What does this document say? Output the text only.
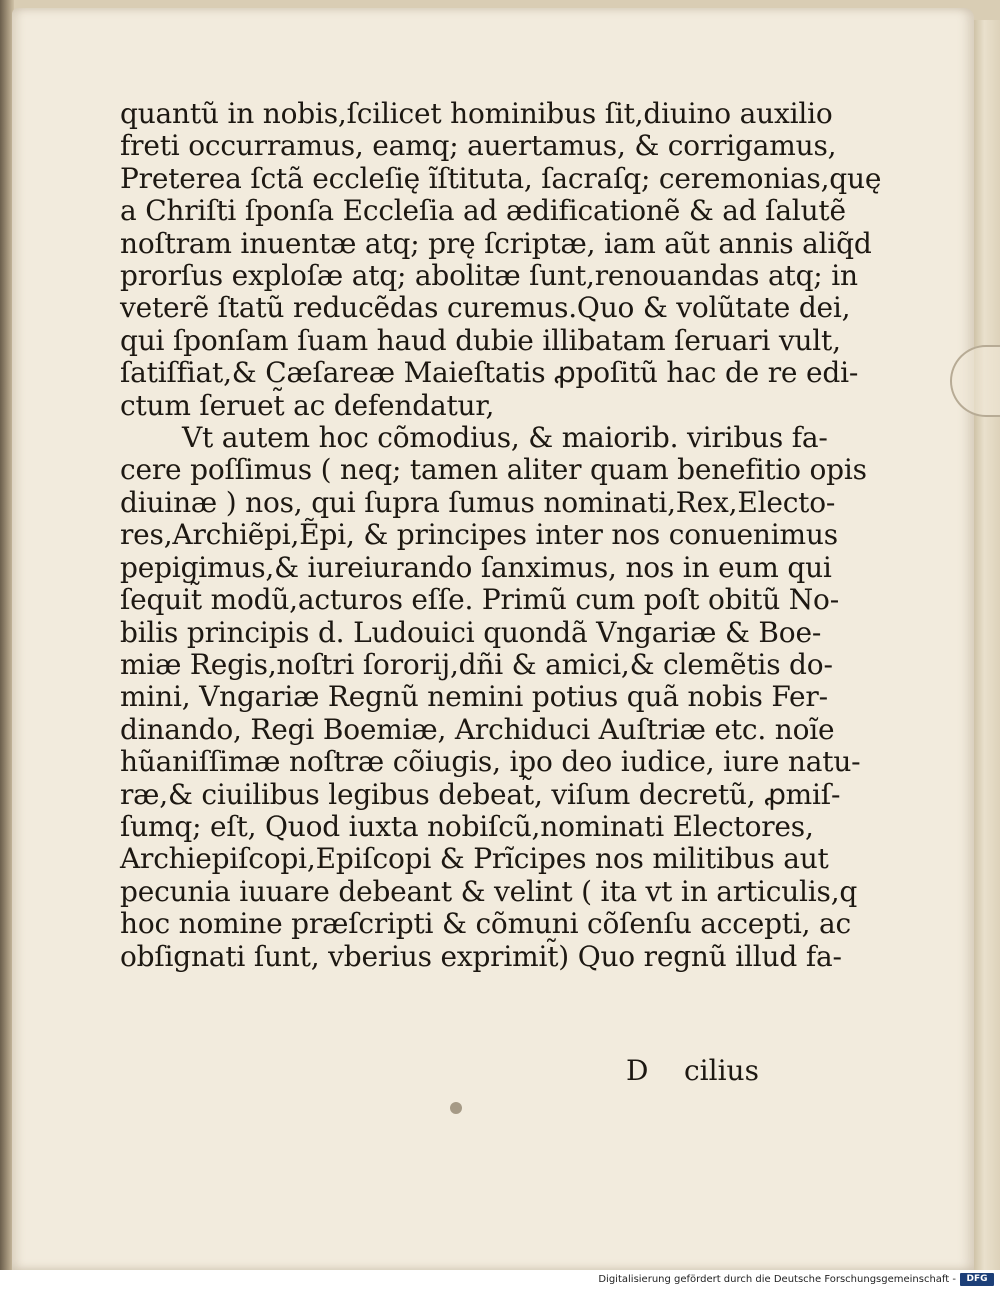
quantũ in nobis,ſcilicet hominibus ſit,diuino auxilio
freti occurramus, eamq; auertamus, & corrigamus,
Preterea ſctã eccleſię ĩſtituta, ſacraſq; ceremonias,quę
a Chriſti ſponſa Eccleſia ad ædificationẽ & ad ſalutẽ
noſtram inuentæ atq; prę ſcriptæ, iam aũt annis aliq̃d
prorſus exploſæ atq; abolitæ ſunt,renouandas atq; in
veterẽ ſtatũ reducẽdas curemus.Quo & volũtate dei,
qui ſponſam ſuam haud dubie illibatam ſeruari vult,
ſatiſfiat,& Cæſareæ Maieſtatis ꝓpoſitũ hac de re edi-
ctum ſeruet̃ ac defendatur,
Vt autem hoc cõmodius, & maiorib. viribus fa-
cere poſſimus ( neq; tamen aliter quam benefitio opis
diuinæ ) nos, qui ſupra ſumus nominati,Rex,Electo-
res,Archiẽpi,Ẽpi, & principes inter nos conuenimus
pepigimus,& iureiurando ſanximus, nos in eum qui
ſequit̃ modũ,acturos eſſe. Primũ cum poſt obitũ No-
bilis principis d. Ludouici quondã Vngariæ & Boe-
miæ Regis,noſtri ſororij,dñi & amici,& clemẽtis do-
mini, Vngariæ Regnũ nemini potius quã nobis Fer-
dinando, Regi Boemiæ, Archiduci Auſtriæ etc. noĩe
hũaniſſimæ noſtræ cõiugis, ipo deo iudice, iure natu-
ræ,& ciuilibus legibus debeat̃, viſum decretũ, ꝓmiſ-
ſumq; eſt, Quod iuxta nobiſcũ,nominati Electores,
Archiepiſcopi,Epiſcopi & Prĩcipes nos militibus aut
pecunia iuuare debeant & velint ( ita vt in articulis,q
hoc nomine præſcripti & cõmuni cõſenſu accepti, ac
obſignati ſunt, vberius exprimit̃) Quo regnũ illud fa-
D cilius
Digitalisierung gefördert durch die Deutsche Forschungsgemeinschaft -	DFG
